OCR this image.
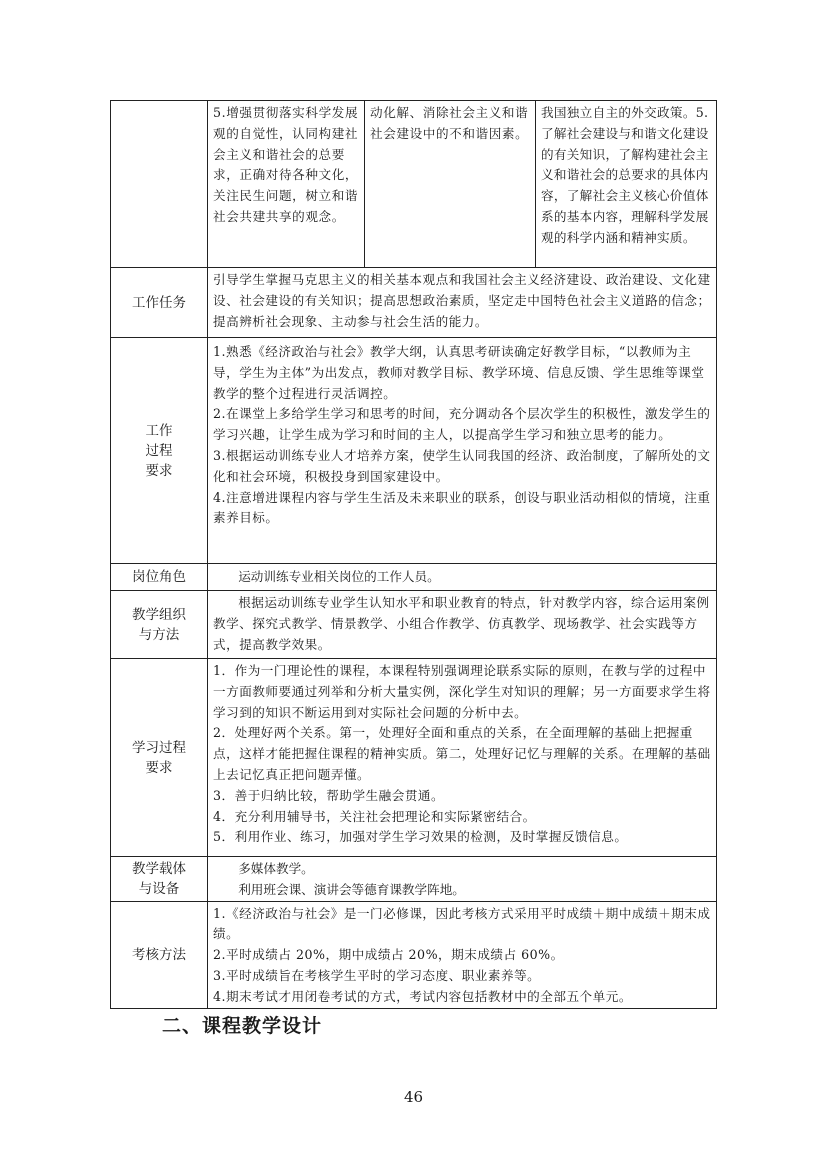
	5.增强贯彻落实科学发展观的自觉性，认同构建社会主义和谐社会的总要求，正确对待各种文化，关注民生问题，树立和谐社会共建共享的观念。	动化解、消除社会主义和谐社会建设中的不和谐因素。	我国独立自主的外交政策。5.了解社会建设与和谐文化建设的有关知识，了解构建社会主义和谐社会的总要求的具体内容，了解社会主义核心价值体系的基本内容，理解科学发展观的科学内涵和精神实质。

工作任务	引导学生掌握马克思主义的相关基本观点和我国社会主义经济建设、政治建设、文化建设、社会建设的有关知识；提高思想政治素质，坚定走中国特色社会主义道路的信念；提高辨析社会现象、主动参与社会生活的能力。		

工作过程要求	1.熟悉《经济政治与社会》教学大纲，认真思考研读确定好教学目标，“以教师为主导，学生为主体”为出发点，教师对教学目标、教学环境、信息反馈、学生思维等课堂教学的整个过程进行灵活调控。

2.在课堂上多给学生学习和思考的时间，充分调动各个层次学生的积极性，激发学生的学习兴趣，让学生成为学习和时间的主人，以提高学生学习和独立思考的能力。

3.根据运动训练专业人才培养方案，使学生认同我国的经济、政治制度，了解所处的文化和社会环境，积极投身到国家建设中。

4.注意增进课程内容与学生生活及未来职业的联系，创设与职业活动相似的情境，注重素养目标。		

岗位角色	运动训练专业相关岗位的工作人员。		

教学组织与方法	根据运动训练专业学生认知水平和职业教育的特点，针对教学内容，综合运用案例教学、探究式教学、情景教学、小组合作教学、仿真教学、现场教学、社会实践等方式，提高教学效果。		

学习过程要求	1．作为一门理论性的课程，本课程特别强调理论联系实际的原则，在教与学的过程中一方面教师要通过列举和分析大量实例，深化学生对知识的理解；另一方面要求学生将学习到的知识不断运用到对实际社会问题的分析中去。

2．处理好两个关系。第一，处理好全面和重点的关系，在全面理解的基础上把握重点，这样才能把握住课程的精神实质。第二，处理好记忆与理解的关系。在理解的基础上去记忆真正把问题弄懂。

3．善于归纳比较，帮助学生融会贯通。

4．充分利用辅导书，关注社会把理论和实际紧密结合。

5．利用作业、练习，加强对学生学习效果的检测，及时掌握反馈信息。		

教学载体与设备	多媒体教学。

利用班会课、演讲会等德育课教学阵地。		

考核方法	1.《经济政治与社会》是一门必修课，因此考核方式采用平时成绩＋期中成绩＋期末成绩。

2.平时成绩占 20%，期中成绩占 20%，期末成绩占 60%。

3.平时成绩旨在考核学生平时的学习态度、职业素养等。

4.期末考试才用闭卷考试的方式，考试内容包括教材中的全部五个单元。		

二、课程教学设计
46
